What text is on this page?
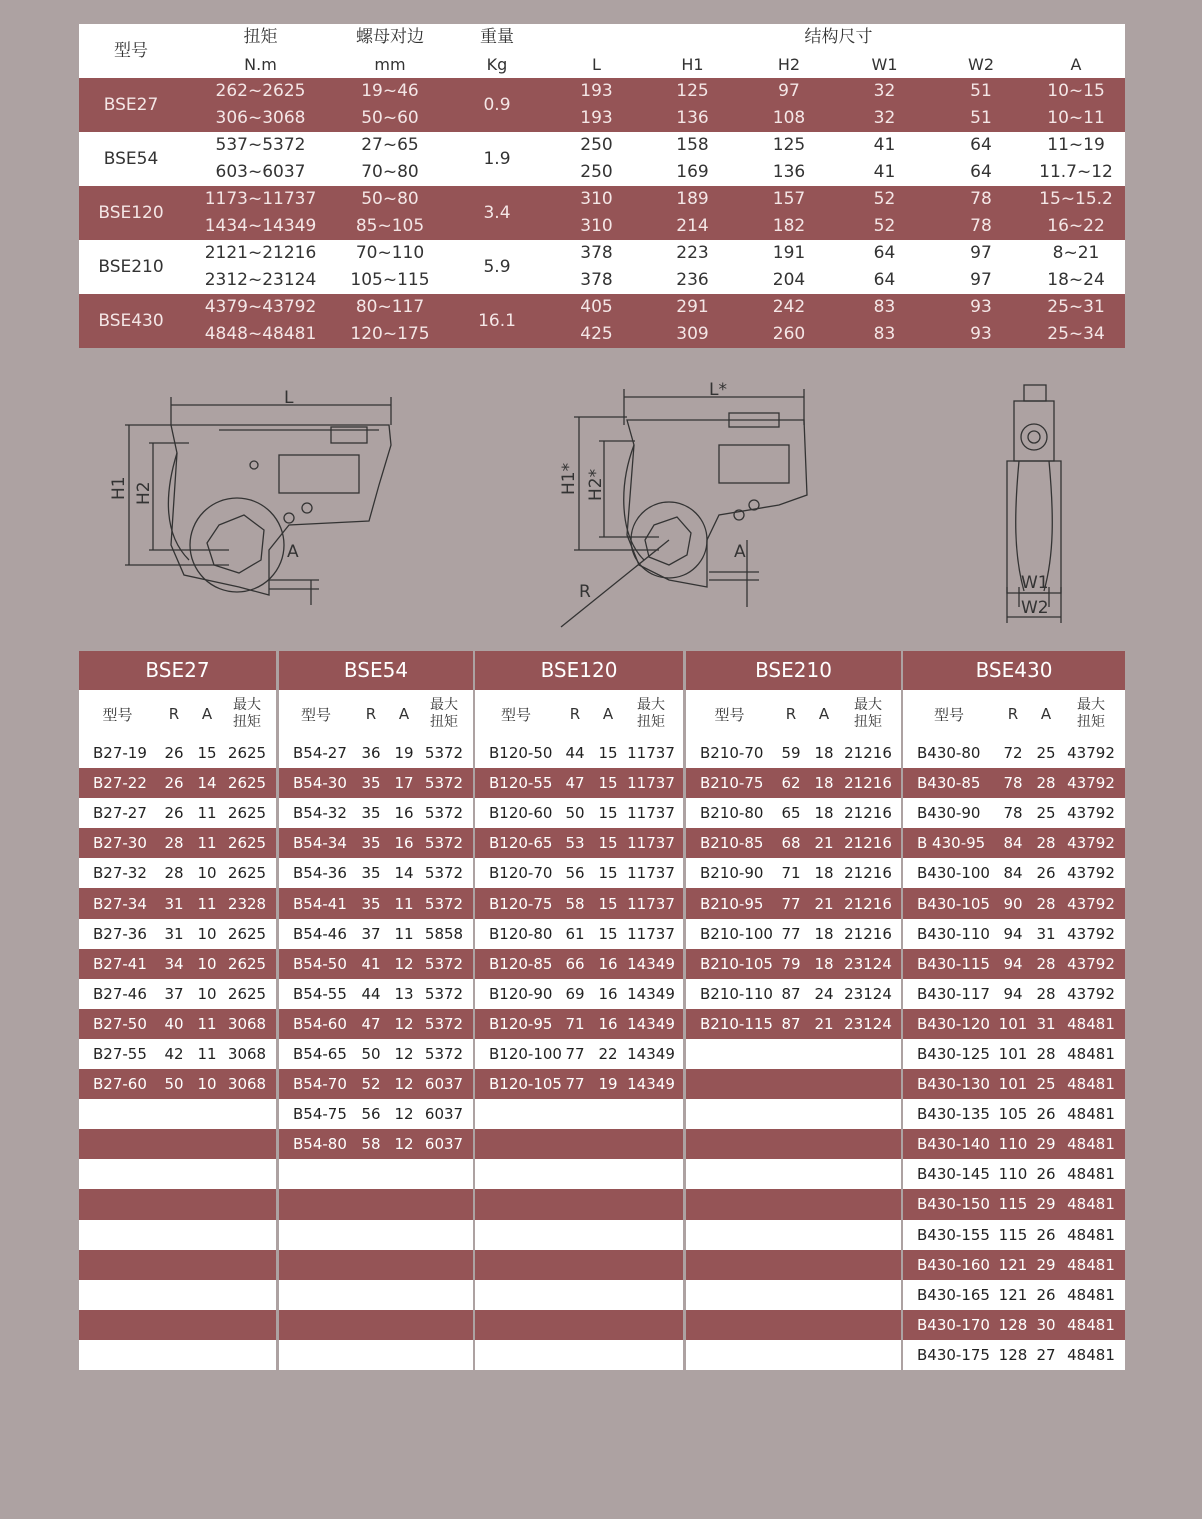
型号	扭矩	螺母对边	重量	结构尺寸					
	N.m	mm	Kg	L	H1	H2	W1	W2	A
BSE27	262~2625	19~46	0.9	193	125	97	32	51	10~15
	306~3068	50~60		193	136	108	32	51	10~11
BSE54	537~5372	27~65	1.9	250	158	125	41	64	11~19
	603~6037	70~80		250	169	136	41	64	11.7~12
BSE120	1173~11737	50~80	3.4	310	189	157	52	78	15~15.2
	1434~14349	85~105		310	214	182	52	78	16~22
BSE210	2121~21216	70~110	5.9	378	223	191	64	97	8~21
	2312~23124	105~115		378	236	204	64	97	18~24
BSE430	4379~43792	80~117	16.1	405	291	242	83	93	25~31
	4848~48481	120~175		425	309	260	83	93	25~34
L
H1 H2
A
L*
H1* H2*
A
R	W1
W2
BSE27
型号	R	A	最大
扭矩
B27-19	26 15 2625
B27-22	26 14 2625
B27-27	26 11 2625
B27-30	28 11 2625
B27-32	28 10 2625
B27-34	31 11 2328
B27-36	31 10 2625
B27-41	34 10 2625
B27-46	37 10 2625
B27-50	40 11 3068
B27-55	42 11 3068
B27-60	50 10 3068
BSE54
型号	R	A	最大
扭矩
B54-27 36 19 5372
B54-30 35 17 5372
B54-32 35 16 5372
B54-34 35 16 5372
B54-36 35 14 5372
B54-41 35 11 5372
B54-46 37 11 5858
B54-50 41 12 5372
B54-55 44 13 5372
B54-60 47 12 5372
B54-65 50 12 5372
B54-70 52 12 6037
B54-75 56 12 6037
B54-80 58 12 6037
BSE120
型号	R	A	最大
扭矩
B120-50 44 15 11737
B120-55 47 15 11737
B120-60 50 15 11737
B120-65 53 15 11737
B120-70 56 15 11737
B120-75 58 15 11737
B120-80 61 15 11737
B120-85 66 16 14349
B120-90 69 16 14349
B120-95 71 16 14349
B120-100 77 22 14349
B120-105 77 19 14349
BSE210
型号	R	A	最大
扭矩
B210-70	59 18 21216
B210-75	62 18 21216
B210-80	65 18 21216
B210-85	68 21 21216
B210-90	71 18 21216
B210-95	77 21 21216
B210-100 77 18 21216
B210-105 79 18 23124
B210-110 87 24 23124
B210-115 87 21 23124
BSE430
型号	R	A	最大
扭矩
B430-80	72 25 43792
B430-85	78 28 43792
B430-90	78 25 43792
B 430-95	84 28 43792
B430-100 84 26 43792
B430-105 90 28 43792
B430-110 94 31 43792
B430-115 94 28 43792
B430-117 94 28 43792
B430-120 101 31 48481
B430-125 101 28 48481
B430-130 101 25 48481
B430-135 105 26 48481
B430-140 110 29 48481
B430-145 110 26 48481
B430-150 115 29 48481
B430-155 115 26 48481
B430-160 121 29 48481
B430-165 121 26 48481
B430-170 128 30 48481
B430-175 128 27 48481
